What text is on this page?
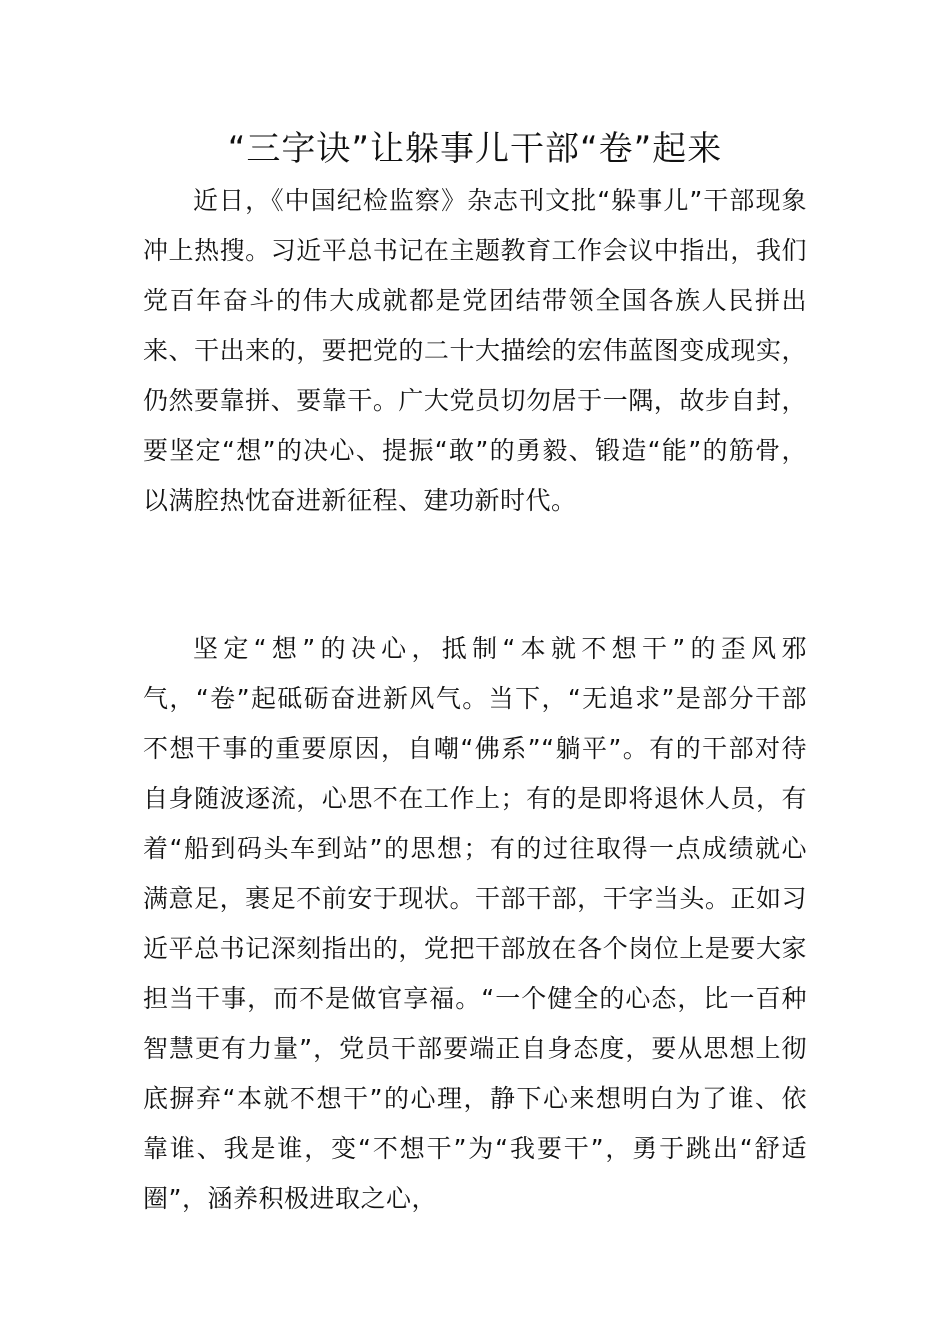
“三字诀”让躲事儿干部“卷”起来

近日，《中国纪检监察》杂志刊文批“躲事儿”干部现象冲上热搜。习近平总书记在主题教育工作会议中指出，我们党百年奋斗的伟大成就都是党团结带领全国各族人民拼出来、干出来的，要把党的二十大描绘的宏伟蓝图变成现实，仍然要靠拼、要靠干。广大党员切勿居于一隅，故步自封，要坚定“想”的决心、提振“敢”的勇毅、锻造“能”的筋骨，以满腔热忱奋进新征程、建功新时代。

坚定“想”的决心，抵制“本就不想干”的歪风邪气，“卷”起砥砺奋进新风气。当下，“无追求”是部分干部不想干事的重要原因，自嘲“佛系”“躺平”。有的干部对待自身随波逐流，心思不在工作上；有的是即将退休人员，有着“船到码头车到站”的思想；有的过往取得一点成绩就心满意足，裹足不前安于现状。干部干部，干字当头。正如习近平总书记深刻指出的，党把干部放在各个岗位上是要大家担当干事，而不是做官享福。“一个健全的心态，比一百种智慧更有力量”，党员干部要端正自身态度，要从思想上彻底摒弃“本就不想干”的心理，静下心来想明白为了谁、依靠谁、我是谁，变“不想干”为“我要干”，勇于跳出“舒适圈”，涵养积极进取之心，
